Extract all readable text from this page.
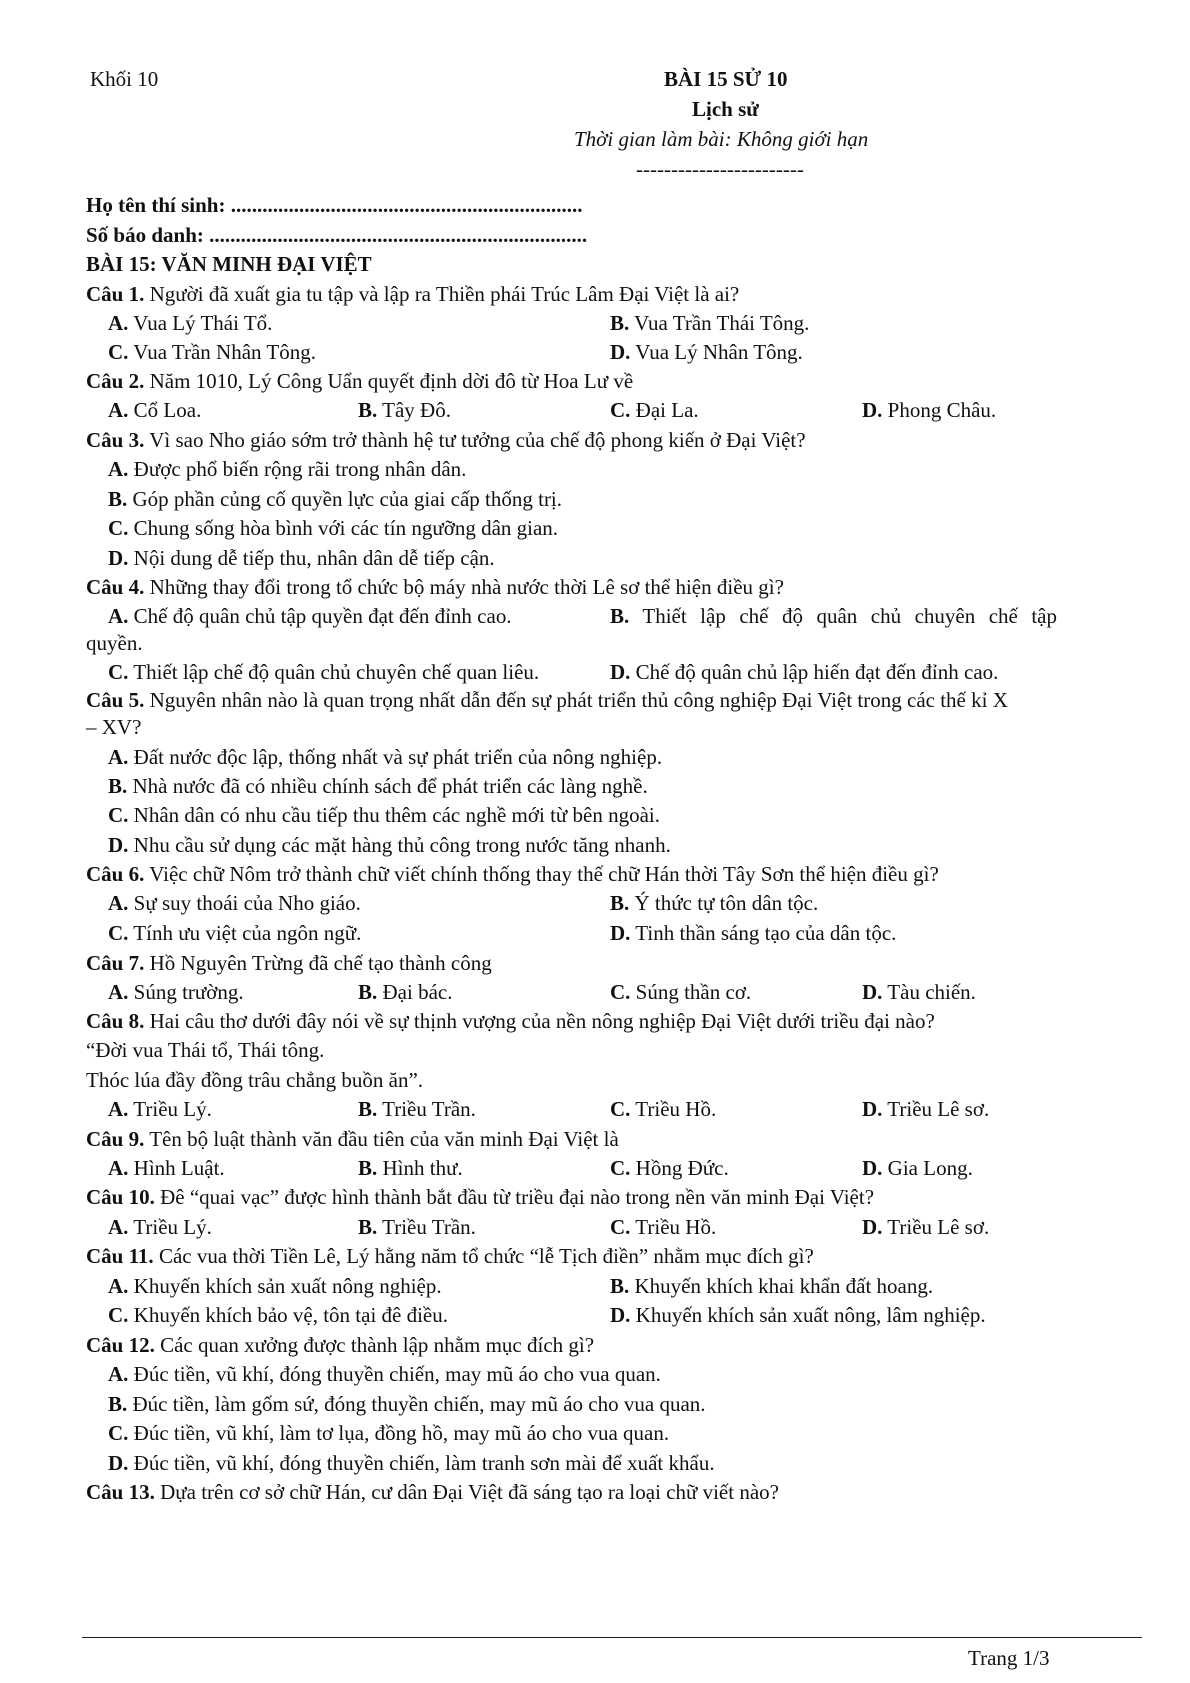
Khối 10	BÀI 15 SỬ 10
Lịch sử
Thời gian làm bài: Không giới hạn
------------------------
Họ tên thí sinh: ...................................................................
Số báo danh: ........................................................................
BÀI 15: VĂN MINH ĐẠI VIỆT
Câu 1. Người đã xuất gia tu tập và lập ra Thiền phái Trúc Lâm Đại Việt là ai?
A. Vua Lý Thái Tổ.	B. Vua Trần Thái Tông.
C. Vua Trần Nhân Tông.	D. Vua Lý Nhân Tông.
Câu 2. Năm 1010, Lý Công Uẩn quyết định dời đô từ Hoa Lư về
A. Cổ Loa.	B. Tây Đô.	C. Đại La.	D. Phong Châu.
Câu 3. Vì sao Nho giáo sớm trở thành hệ tư tưởng của chế độ phong kiến ở Đại Việt?
A. Được phổ biến rộng rãi trong nhân dân.
B. Góp phần củng cố quyền lực của giai cấp thống trị.
C. Chung sống hòa bình với các tín ngưỡng dân gian.
D. Nội dung dễ tiếp thu, nhân dân dễ tiếp cận.
Câu 4. Những thay đổi trong tổ chức bộ máy nhà nước thời Lê sơ thể hiện điều gì?
A. Chế độ quân chủ tập quyền đạt đến đỉnh cao.	B. Thiết lập chế độ quân chủ chuyên chế tập
quyền.
C. Thiết lập chế độ quân chủ chuyên chế quan liêu.	D. Chế độ quân chủ lập hiến đạt đến đỉnh cao.
Câu 5. Nguyên nhân nào là quan trọng nhất dẫn đến sự phát triển thủ công nghiệp Đại Việt trong các thế kỉ X
– XV?
A. Đất nước độc lập, thống nhất và sự phát triển của nông nghiệp.
B. Nhà nước đã có nhiều chính sách để phát triển các làng nghề.
C. Nhân dân có nhu cầu tiếp thu thêm các nghề mới từ bên ngoài.
D. Nhu cầu sử dụng các mặt hàng thủ công trong nước tăng nhanh.
Câu 6. Việc chữ Nôm trở thành chữ viết chính thống thay thế chữ Hán thời Tây Sơn thể hiện điều gì?
A. Sự suy thoái của Nho giáo.	B. Ý thức tự tôn dân tộc.
C. Tính ưu việt của ngôn ngữ.	D. Tinh thần sáng tạo của dân tộc.
Câu 7. Hồ Nguyên Trừng đã chế tạo thành công
A. Súng trường.	B. Đại bác.	C. Súng thần cơ.	D. Tàu chiến.
Câu 8. Hai câu thơ dưới đây nói về sự thịnh vượng của nền nông nghiệp Đại Việt dưới triều đại nào?
“Đời vua Thái tổ, Thái tông.
Thóc lúa đầy đồng trâu chẳng buồn ăn”.
A. Triều Lý.	B. Triều Trần.	C. Triều Hồ.	D. Triều Lê sơ.
Câu 9. Tên bộ luật thành văn đầu tiên của văn minh Đại Việt là
A. Hình Luật.	B. Hình thư.	C. Hồng Đức.	D. Gia Long.
Câu 10. Đê “quai vạc” được hình thành bắt đầu từ triều đại nào trong nền văn minh Đại Việt?
A. Triều Lý.	B. Triều Trần.	C. Triều Hồ.	D. Triều Lê sơ.
Câu 11. Các vua thời Tiền Lê, Lý hằng năm tổ chức “lễ Tịch điền” nhằm mục đích gì?
A. Khuyến khích sản xuất nông nghiệp.	B. Khuyến khích khai khẩn đất hoang.
C. Khuyến khích bảo vệ, tôn tại đê điều.	D. Khuyến khích sản xuất nông, lâm nghiệp.
Câu 12. Các quan xưởng được thành lập nhằm mục đích gì?
A. Đúc tiền, vũ khí, đóng thuyền chiến, may mũ áo cho vua quan.
B. Đúc tiền, làm gốm sứ, đóng thuyền chiến, may mũ áo cho vua quan.
C. Đúc tiền, vũ khí, làm tơ lụa, đồng hồ, may mũ áo cho vua quan.
D. Đúc tiền, vũ khí, đóng thuyền chiến, làm tranh sơn mài để xuất khẩu.
Câu 13. Dựa trên cơ sở chữ Hán, cư dân Đại Việt đã sáng tạo ra loại chữ viết nào?
Trang 1/3
